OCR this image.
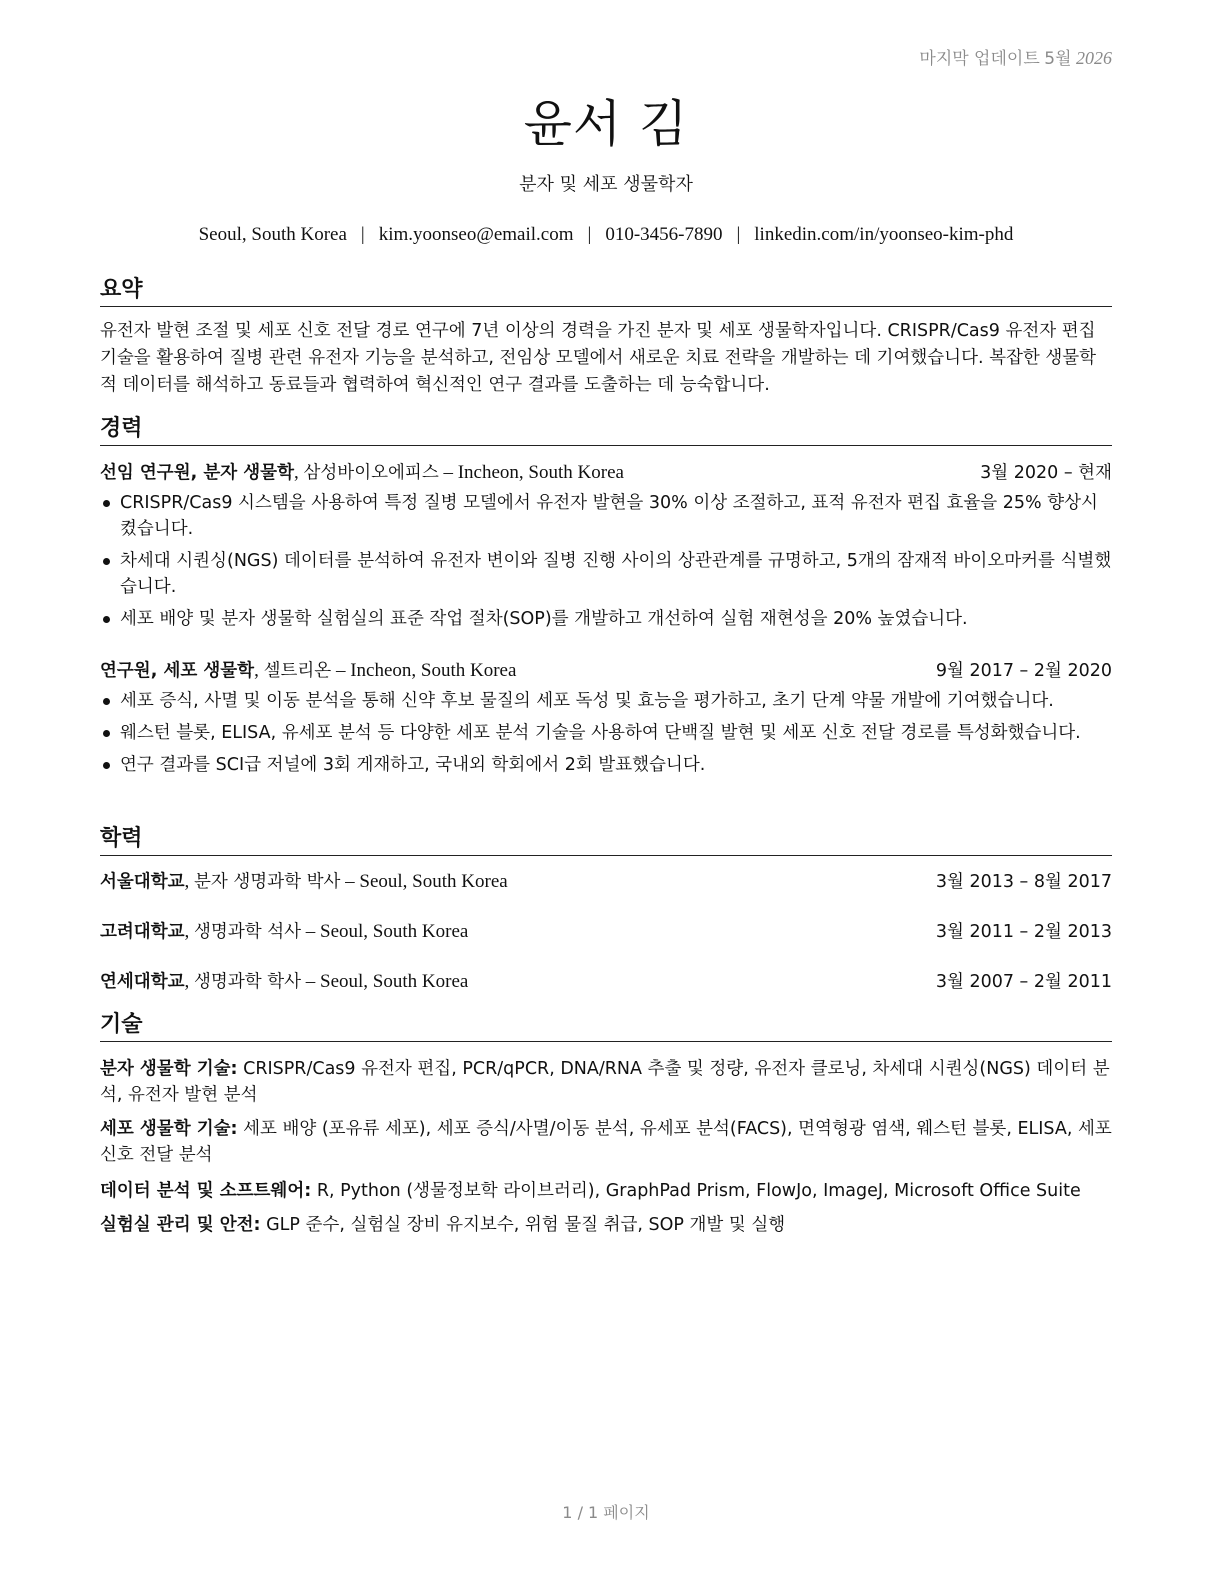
마지막 업데이트 5월 2026
윤서 김
분자 및 세포 생물학자
Seoul, South Korea | kim.yoonseo@email.com | 010-3456-7890 | linkedin.com/in/yoonseo-kim-phd
요약
유전자 발현 조절 및 세포 신호 전달 경로 연구에 7년 이상의 경력을 가진 분자 및 세포 생물학자입니다. CRISPR/Cas9 유전자 편집 기술을 활용하여 질병 관련 유전자 기능을 분석하고, 전임상 모델에서 새로운 치료 전략을 개발하는 데 기여했습니다. 복잡한 생물학적 데이터를 해석하고 동료들과 협력하여 혁신적인 연구 결과를 도출하는 데 능숙합니다.
경력
선임 연구원, 분자 생물학, 삼성바이오에피스 – Incheon, South Korea	3월 2020 – 현재
CRISPR/Cas9 시스템을 사용하여 특정 질병 모델에서 유전자 발현을 30% 이상 조절하고, 표적 유전자 편집 효율을 25% 향상시켰습니다.
차세대 시퀀싱(NGS) 데이터를 분석하여 유전자 변이와 질병 진행 사이의 상관관계를 규명하고, 5개의 잠재적 바이오마커를 식별했습니다.
세포 배양 및 분자 생물학 실험실의 표준 작업 절차(SOP)를 개발하고 개선하여 실험 재현성을 20% 높였습니다.
연구원, 세포 생물학, 셀트리온 – Incheon, South Korea	9월 2017 – 2월 2020
세포 증식, 사멸 및 이동 분석을 통해 신약 후보 물질의 세포 독성 및 효능을 평가하고, 초기 단계 약물 개발에 기여했습니다.
웨스턴 블롯, ELISA, 유세포 분석 등 다양한 세포 분석 기술을 사용하여 단백질 발현 및 세포 신호 전달 경로를 특성화했습니다.
연구 결과를 SCI급 저널에 3회 게재하고, 국내외 학회에서 2회 발표했습니다.
학력
서울대학교, 분자 생명과학 박사 – Seoul, South Korea	3월 2013 – 8월 2017
고려대학교, 생명과학 석사 – Seoul, South Korea	3월 2011 – 2월 2013
연세대학교, 생명과학 학사 – Seoul, South Korea	3월 2007 – 2월 2011
기술
분자 생물학 기술: CRISPR/Cas9 유전자 편집, PCR/qPCR, DNA/RNA 추출 및 정량, 유전자 클로닝, 차세대 시퀀싱(NGS) 데이터 분석, 유전자 발현 분석
세포 생물학 기술: 세포 배양 (포유류 세포), 세포 증식/사멸/이동 분석, 유세포 분석(FACS), 면역형광 염색, 웨스턴 블롯, ELISA, 세포 신호 전달 분석
데이터 분석 및 소프트웨어: R, Python (생물정보학 라이브러리), GraphPad Prism, FlowJo, ImageJ, Microsoft Office Suite
실험실 관리 및 안전: GLP 준수, 실험실 장비 유지보수, 위험 물질 취급, SOP 개발 및 실행
1 / 1 페이지
